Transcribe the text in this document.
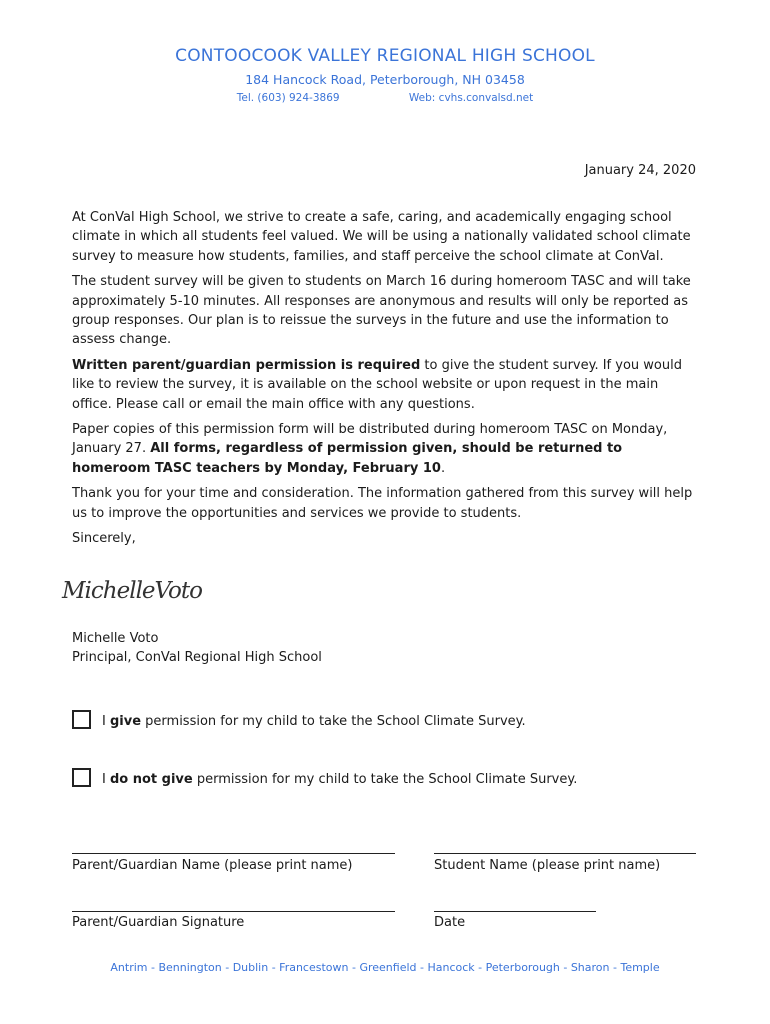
CONTOOCOOK VALLEY REGIONAL HIGH SCHOOL
184 Hancock Road, Peterborough, NH 03458
Tel. (603) 924-3869	Web: cvhs.convalsd.net
January 24, 2020

At ConVal High School, we strive to create a safe, caring, and academically engaging school climate in which all students feel valued. We will be using a nationally validated school climate survey to measure how students, families, and staff perceive the school climate at ConVal.

The student survey will be given to students on March 16 during homeroom TASC and will take approximately 5-10 minutes. All responses are anonymous and results will only be reported as group responses. Our plan is to reissue the surveys in the future and use the information to assess change.

Written parent/guardian permission is required to give the student survey. If you would like to review the survey, it is available on the school website or upon request in the main office. Please call or email the main office with any questions.

Paper copies of this permission form will be distributed during homeroom TASC on Monday, January 27. All forms, regardless of permission given, should be returned to homeroom TASC teachers by Monday, February 10.

Thank you for your time and consideration. The information gathered from this survey will help us to improve the opportunities and services we provide to students.

Sincerely,

MichelleVoto
Michelle Voto
Principal, ConVal Regional High School
I give permission for my child to take the School Climate Survey.
I do not give permission for my child to take the School Climate Survey.
Parent/Guardian Name (please print name)	Student Name (please print name)
Parent/Guardian Signature	Date
Antrim - Bennington - Dublin - Francestown - Greenfield - Hancock - Peterborough - Sharon - Temple
